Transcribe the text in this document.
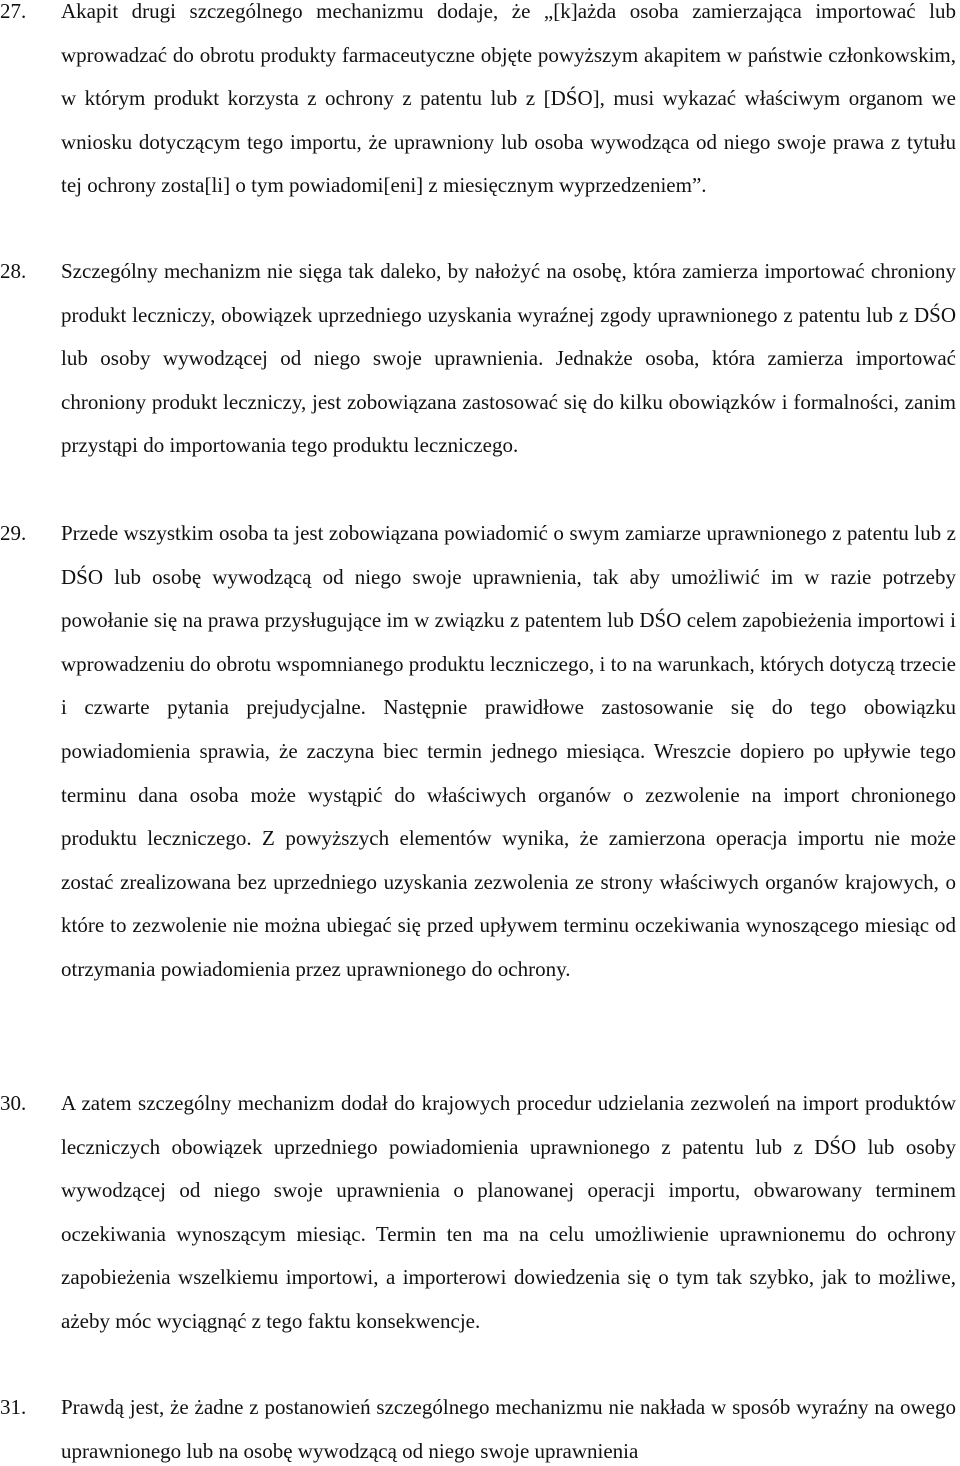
27.	Akapit drugi szczególnego mechanizmu dodaje, że „[k]ażda osoba zamierzająca importować lub wprowadzać do obrotu produkty farmaceutyczne objęte powyższym akapitem w państwie członkowskim, w którym produkt korzysta z ochrony z patentu lub z [DŚO], musi wykazać właściwym organom we wniosku dotyczącym tego importu, że uprawniony lub osoba wywodząca od niego swoje prawa z tytułu tej ochrony zosta[li] o tym powiadomi[eni] z miesięcznym wyprzedzeniem”.

28.	Szczególny mechanizm nie sięga tak daleko, by nałożyć na osobę, która zamierza importować chroniony produkt leczniczy, obowiązek uprzedniego uzyskania wyraźnej zgody uprawnionego z patentu lub z DŚO lub osoby wywodzącej od niego swoje uprawnienia. Jednakże osoba, która zamierza importować chroniony produkt leczniczy, jest zobowiązana zastosować się do kilku obowiązków i formalności, zanim przystąpi do importowania tego produktu leczniczego.

29.	Przede wszystkim osoba ta jest zobowiązana powiadomić o swym zamiarze uprawnionego z patentu lub z DŚO lub osobę wywodzącą od niego swoje uprawnienia, tak aby umożliwić im w razie potrzeby powołanie się na prawa przysługujące im w związku z patentem lub DŚO celem zapobieżenia importowi i wprowadzeniu do obrotu wspomnianego produktu leczniczego, i to na warunkach, których dotyczą trzecie i czwarte pytania prejudycjalne. Następnie prawidłowe zastosowanie się do tego obowiązku powiadomienia sprawia, że zaczyna biec termin jednego miesiąca. Wreszcie dopiero po upływie tego terminu dana osoba może wystąpić do właściwych organów o zezwolenie na import chronionego produktu leczniczego. Z powyższych elementów wynika, że zamierzona operacja importu nie może zostać zrealizowana bez uprzedniego uzyskania zezwolenia ze strony właściwych organów krajowych, o które to zezwolenie nie można ubiegać się przed upływem terminu oczekiwania wynoszącego miesiąc od otrzymania powiadomienia przez uprawnionego do ochrony.

30.	A zatem szczególny mechanizm dodał do krajowych procedur udzielania zezwoleń na import produktów leczniczych obowiązek uprzedniego powiadomienia uprawnionego z patentu lub z DŚO lub osoby wywodzącej od niego swoje uprawnienia o planowanej operacji importu, obwarowany terminem oczekiwania wynoszącym miesiąc. Termin ten ma na celu umożliwienie uprawnionemu do ochrony zapobieżenia wszelkiemu importowi, a importerowi dowiedzenia się o tym tak szybko, jak to możliwe, ażeby móc wyciągnąć z tego faktu konsekwencje.

31.	Prawdą jest, że żadne z postanowień szczególnego mechanizmu nie nakłada w sposób wyraźny na owego uprawnionego lub na osobę wywodzącą od niego swoje uprawnienia
